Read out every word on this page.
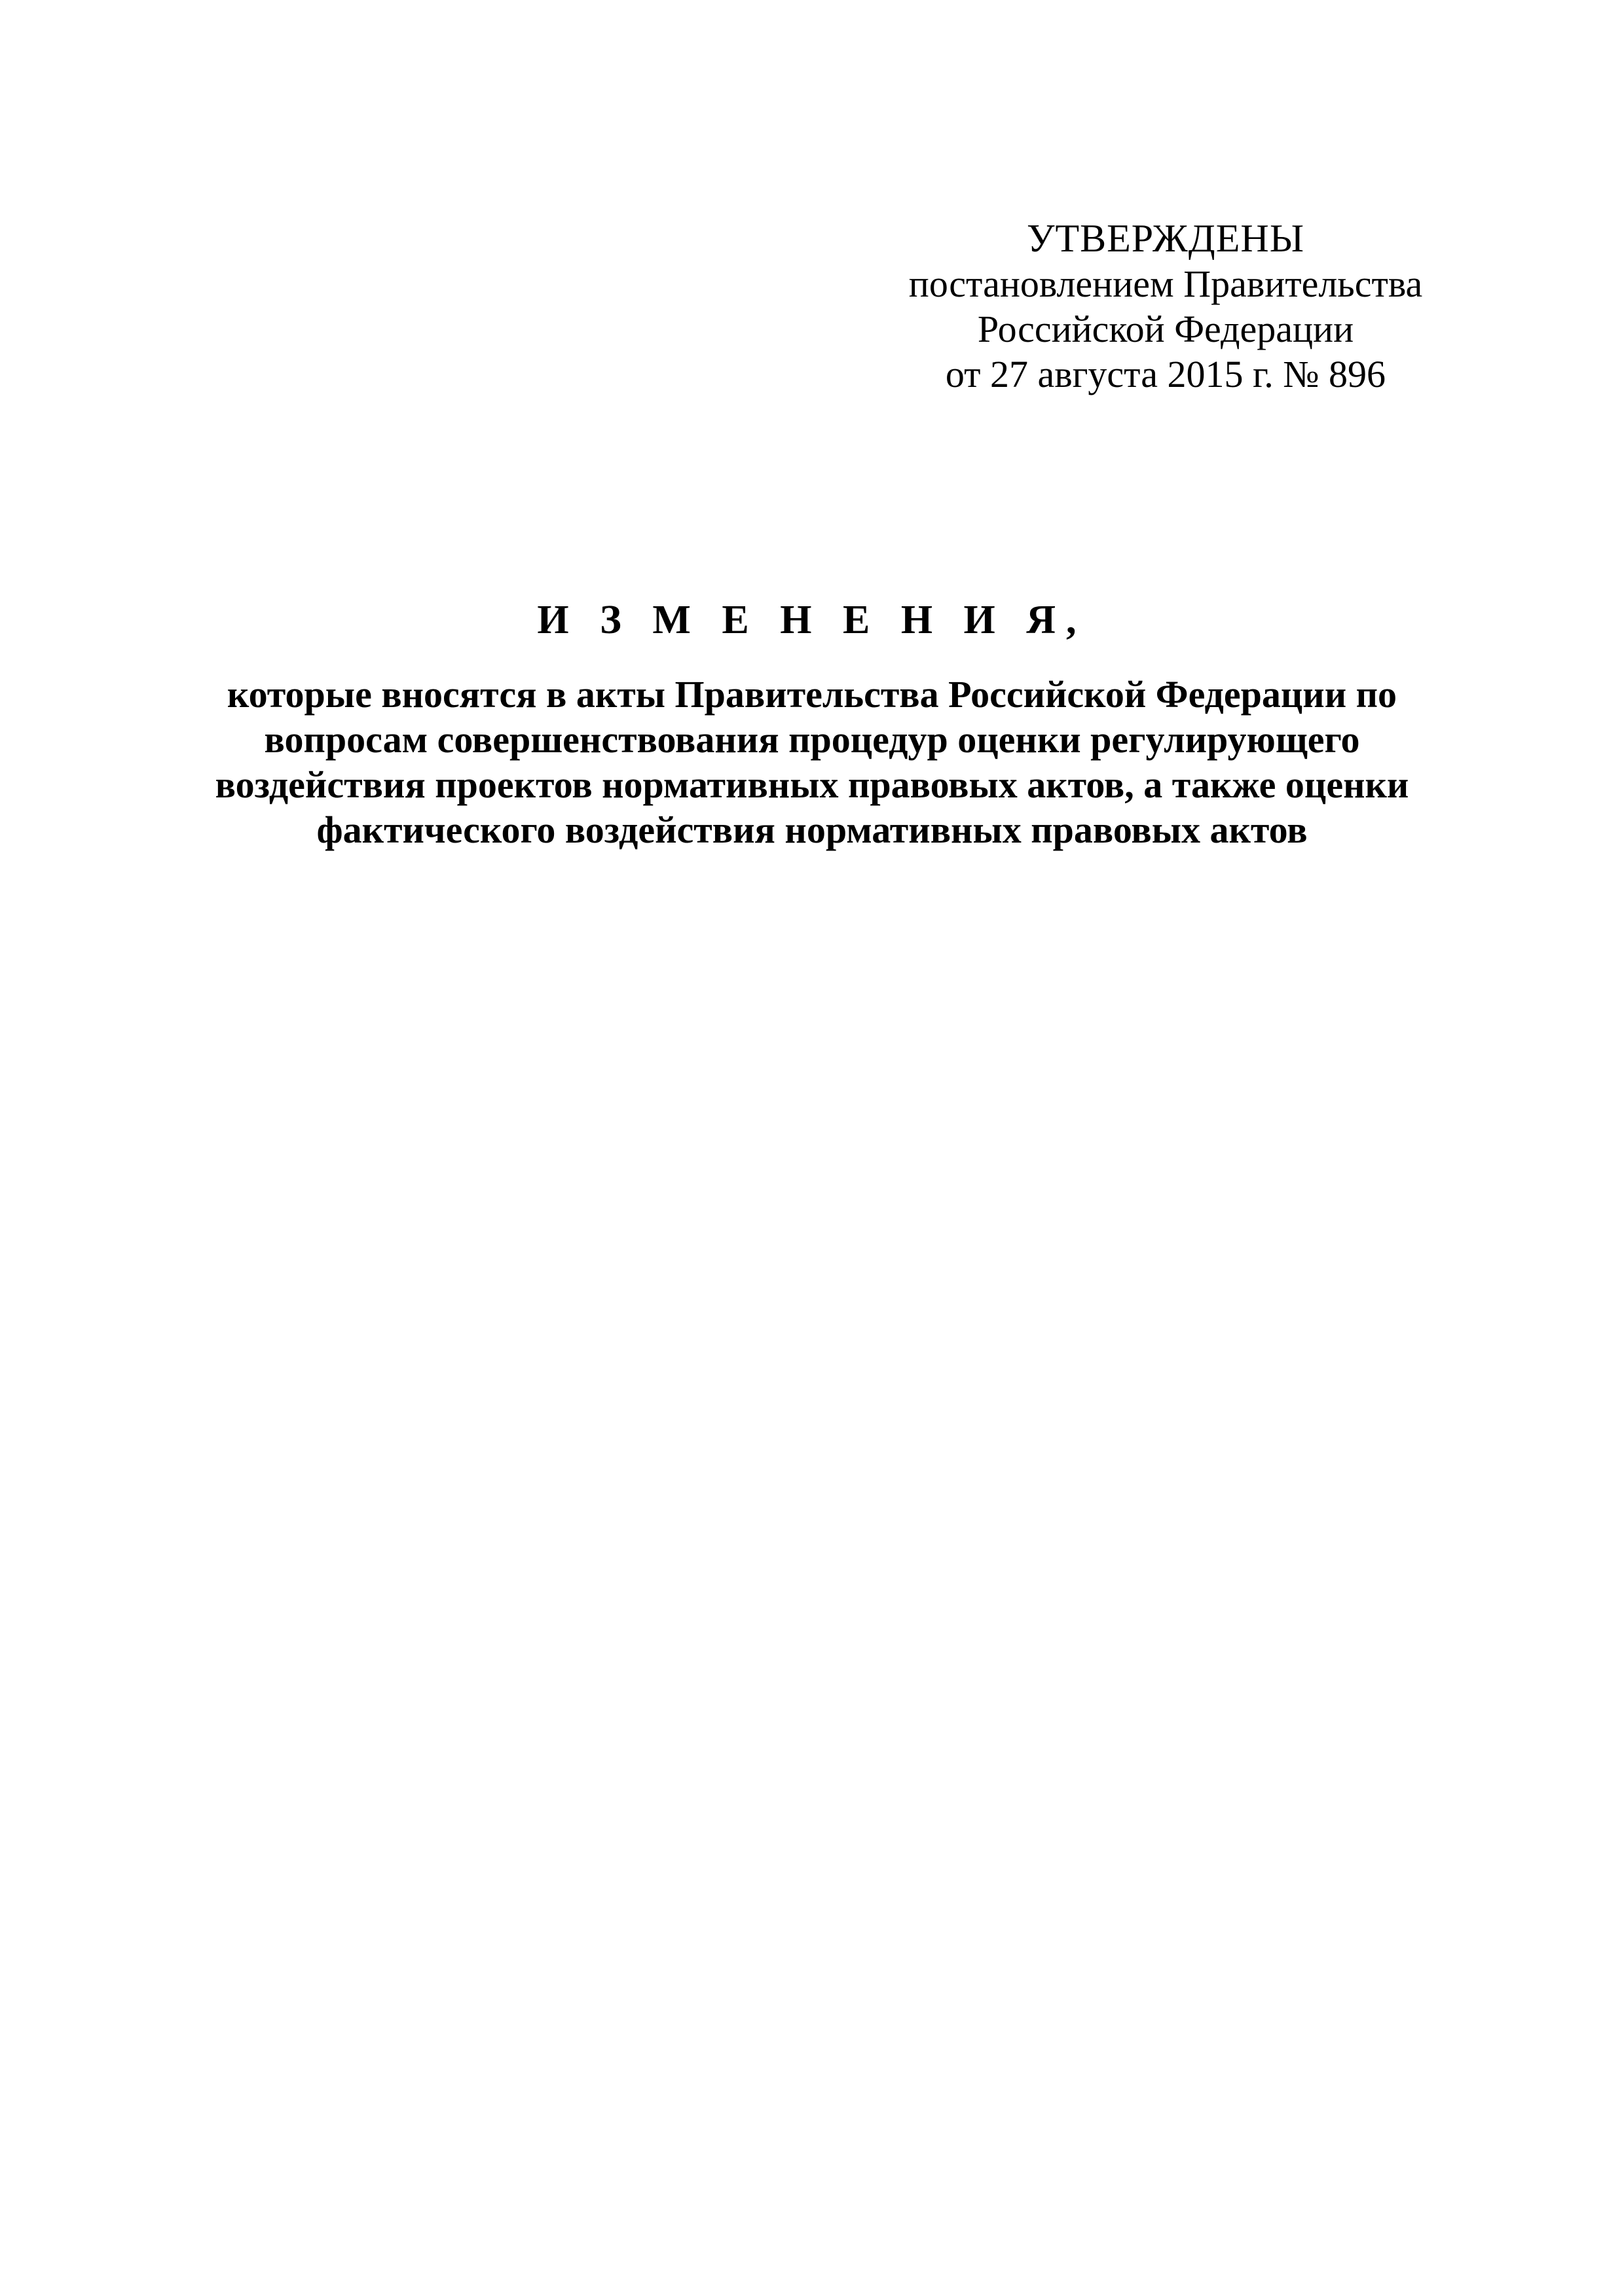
УТВЕРЖДЕНЫ
постановлением Правительства
Российской Федерации
от 27 августа 2015 г. № 896
И З М Е Н Е Н И Я,
которые вносятся в акты Правительства Российской Федерации по
вопросам совершенствования процедур оценки регулирующего
воздействия проектов нормативных правовых актов, а также оценки
фактического воздействия нормативных правовых актов
